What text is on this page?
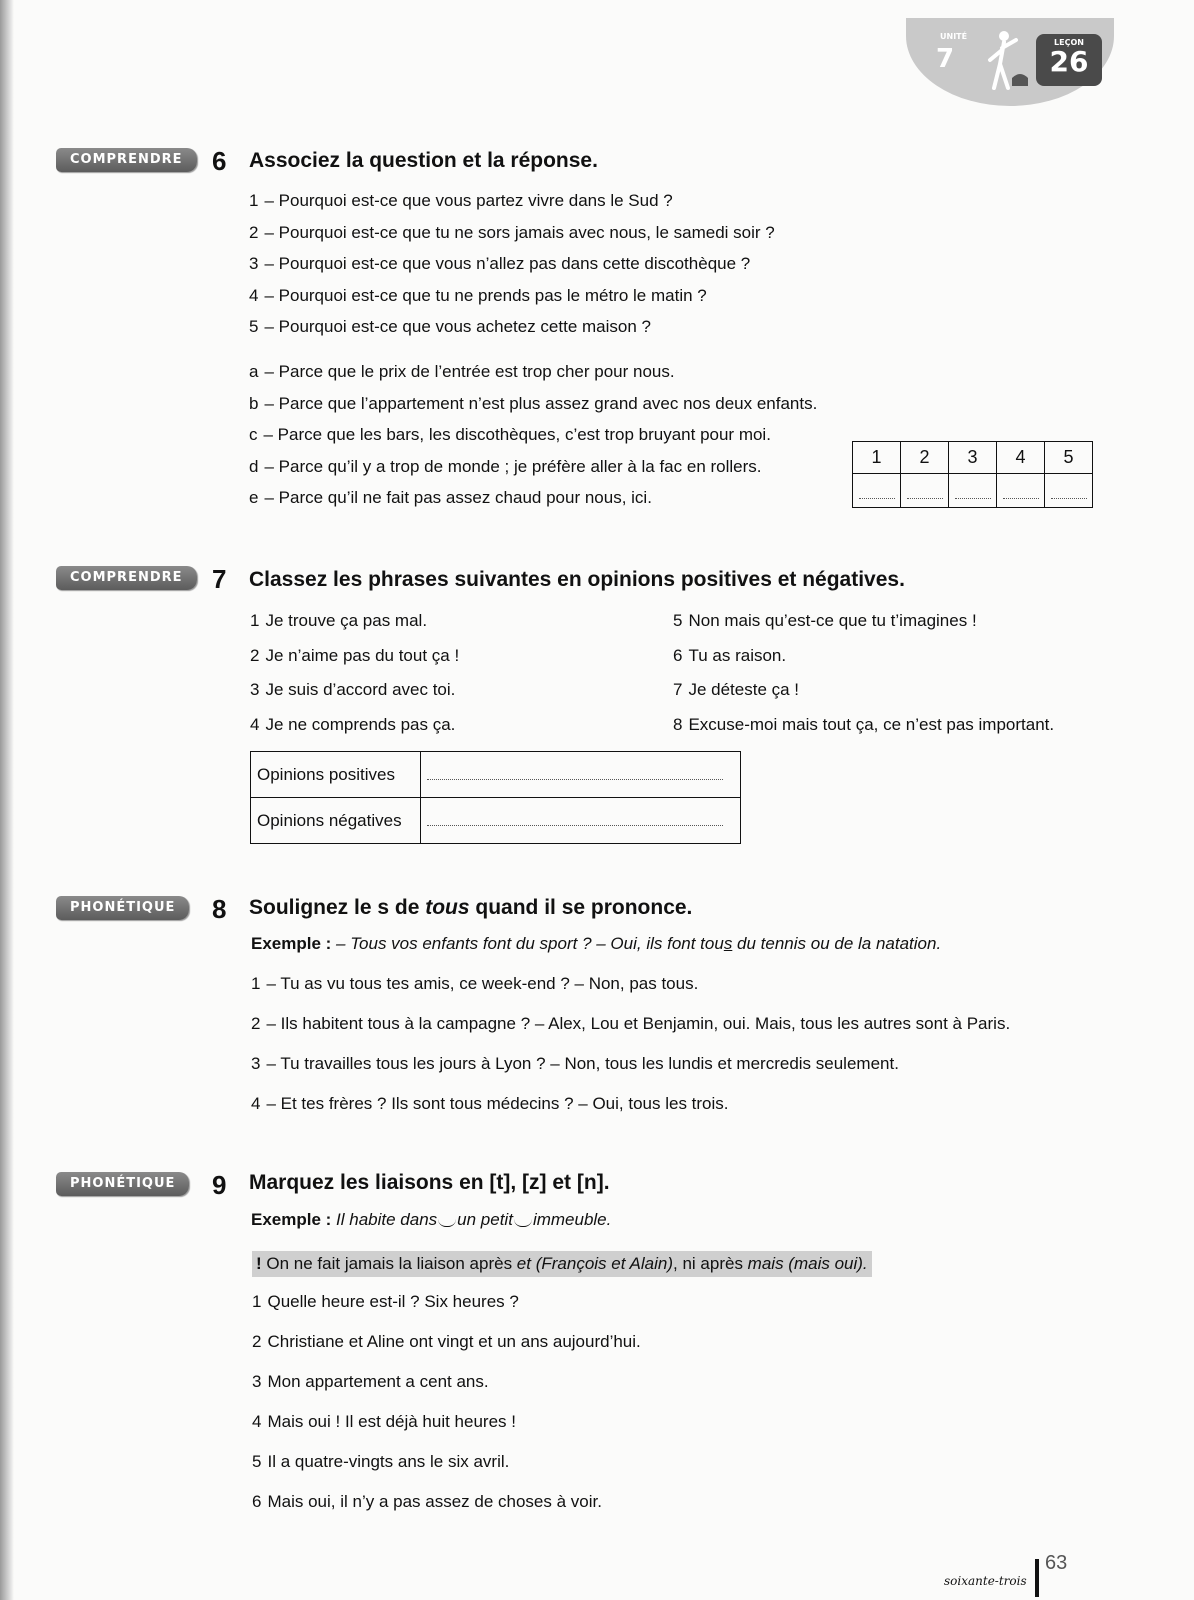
UNITÉ
7
LEÇON
26
COMPRENDRE	6 Associez la question et la réponse.
1 – Pourquoi est-ce que vous partez vivre dans le Sud ?
2 – Pourquoi est-ce que tu ne sors jamais avec nous, le samedi soir ?
3 – Pourquoi est-ce que vous n’allez pas dans cette discothèque ?
4 – Pourquoi est-ce que tu ne prends pas le métro le matin ?
5 – Pourquoi est-ce que vous achetez cette maison ?
a – Parce que le prix de l’entrée est trop cher pour nous.
b – Parce que l’appartement n’est plus assez grand avec nos deux enfants.
c – Parce que les bars, les discothèques, c’est trop bruyant pour moi.
d – Parce qu’il y a trop de monde ; je préfère aller à la fac en rollers.
e – Parce qu’il ne fait pas assez chaud pour nous, ici.
1	2	3	4	5

COMPRENDRE	7 Classez les phrases suivantes en opinions positives et négatives.
1 Je trouve ça pas mal.
2 Je n’aime pas du tout ça !
3 Je suis d’accord avec toi.
4 Je ne comprends pas ça.
5 Non mais qu’est-ce que tu t’imagines !
6 Tu as raison.
7 Je déteste ça !
8 Excuse-moi mais tout ça, ce n’est pas important.
Opinions positives	

Opinions négatives	
PHONÉTIQUE	8 Soulignez le s de tous quand il se prononce.
Exemple : – Tous vos enfants font du sport ? – Oui, ils font tous du tennis ou de la natation.
1 – Tu as vu tous tes amis, ce week-end ? – Non, pas tous.
2 – Ils habitent tous à la campagne ? – Alex, Lou et Benjamin, oui. Mais, tous les autres sont à Paris.
3 – Tu travailles tous les jours à Lyon ? – Non, tous les lundis et mercredis seulement.
4 – Et tes frères ? Ils sont tous médecins ? – Oui, tous les trois.
PHONÉTIQUE	9 Marquez les liaisons en [t], [z] et [n].
Exemple : Il habite dans un petit immeuble.
! On ne fait jamais la liaison après et (François et Alain), ni après mais (mais oui).
1 Quelle heure est-il ? Six heures ?
2 Christiane et Aline ont vingt et un ans aujourd’hui.
3 Mon appartement a cent ans.
4 Mais oui ! Il est déjà huit heures !
5 Il a quatre-vingts ans le six avril.
6 Mais oui, il n’y a pas assez de choses à voir.
soixante-trois
63
